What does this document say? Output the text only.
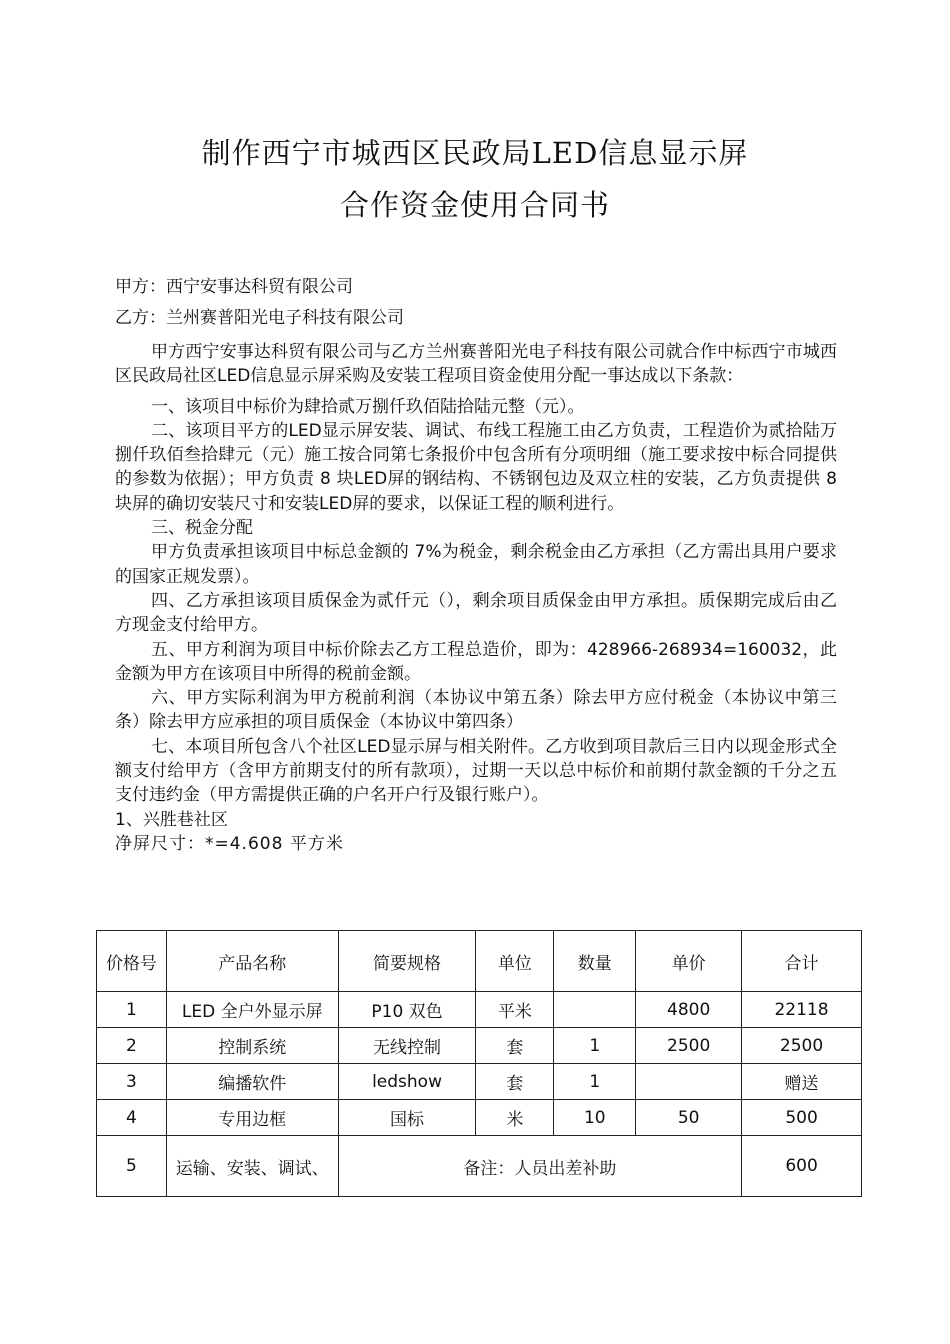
制作西宁市城西区民政局LED信息显示屏
合作资金使用合同书

甲方：西宁安事达科贸有限公司

乙方：兰州赛普阳光电子科技有限公司

甲方西宁安事达科贸有限公司与乙方兰州赛普阳光电子科技有限公司就合作中标西宁市城西区民政局社区LED信息显示屏采购及安装工程项目资金使用分配一事达成以下条款：

一、该项目中标价为肆拾贰万捌仟玖佰陆拾陆元整（元）。

二、该项目平方的LED显示屏安装、调试、布线工程施工由乙方负责，工程造价为贰拾陆万捌仟玖佰叁拾肆元（元）施工按合同第七条报价中包含所有分项明细（施工要求按中标合同提供的参数为依据）；甲方负责 8 块LED屏的钢结构、不锈钢包边及双立柱的安装，乙方负责提供 8 块屏的确切安装尺寸和安装LED屏的要求，以保证工程的顺利进行。

三、税金分配

甲方负责承担该项目中标总金额的 7%为税金，剩余税金由乙方承担（乙方需出具用户要求的国家正规发票）。

四、乙方承担该项目质保金为贰仟元（），剩余项目质保金由甲方承担。质保期完成后由乙方现金支付给甲方。

五、甲方利润为项目中标价除去乙方工程总造价，即为：428966-268934=160032，此金额为甲方在该项目中所得的税前金额。

六、甲方实际利润为甲方税前利润（本协议中第五条）除去甲方应付税金（本协议中第三条）除去甲方应承担的项目质保金（本协议中第四条）

七、本项目所包含八个社区LED显示屏与相关附件。乙方收到项目款后三日内以现金形式全额支付给甲方（含甲方前期支付的所有款项），过期一天以总中标价和前期付款金额的千分之五支付违约金（甲方需提供正确的户名开户行及银行账户）。

1、兴胜巷社区

净屏尺寸：*=4.608 平方米

价格号	产品名称	简要规格	单位	数量	单价	合计
1	LED 全户外显示屏	P10 双色	平米		4800	22118
2	控制系统	无线控制	套	1	2500	2500
3	编播软件	ledshow	套	1		赠送
4	专用边框	国标	米	10	50	500
5	运输、安装、调试、	备注：人员出差补助				600
